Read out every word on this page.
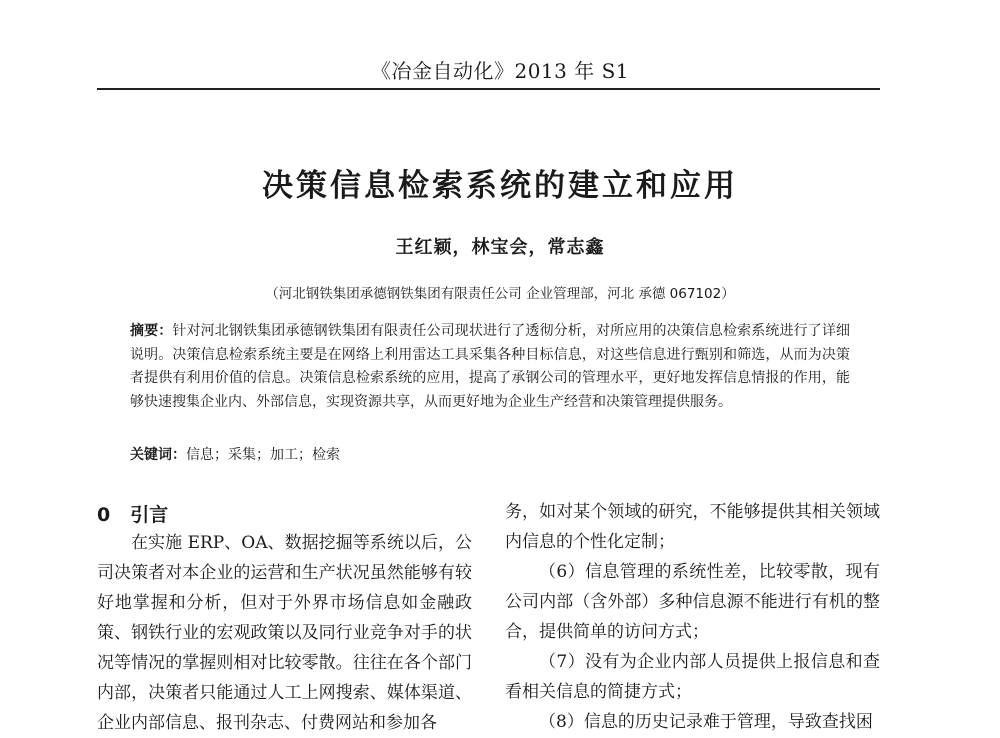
《冶金自动化》2013 年 S1
决策信息检索系统的建立和应用
王红颖，林宝会，常志鑫
（河北钢铁集团承德钢铁集团有限责任公司 企业管理部，河北 承德 067102）
摘要：针对河北钢铁集团承德钢铁集团有限责任公司现状进行了透彻分析，对所应用的决策信息检索系统进行了详细说明。决策信息检索系统主要是在网络上利用雷达工具采集各种目标信息，对这些信息进行甄别和筛选，从而为决策者提供有利用价值的信息。决策信息检索系统的应用，提高了承钢公司的管理水平，更好地发挥信息情报的作用，能够快速搜集企业内、外部信息，实现资源共享，从而更好地为企业生产经营和决策管理提供服务。
关键词：信息；采集；加工；检索
0 引言

在实施 ERP、OA、数据挖掘等系统以后，公司决策者对本企业的运营和生产状况虽然能够有较好地掌握和分析，但对于外界市场信息如金融政策、钢铁行业的宏观政策以及同行业竞争对手的状况等情况的掌握则相对比较零散。往往在各个部门内部，决策者只能通过人工上网搜索、媒体渠道、企业内部信息、报刊杂志、付费网站和参加各

务，如对某个领域的研究，不能够提供其相关领域内信息的个性化定制；

（6）信息管理的系统性差，比较零散，现有公司内部（含外部）多种信息源不能进行有机的整合，提供简单的访问方式；

（7）没有为企业内部人员提供上报信息和查看相关信息的简捷方式；

（8）信息的历史记录难于管理，导致查找困
